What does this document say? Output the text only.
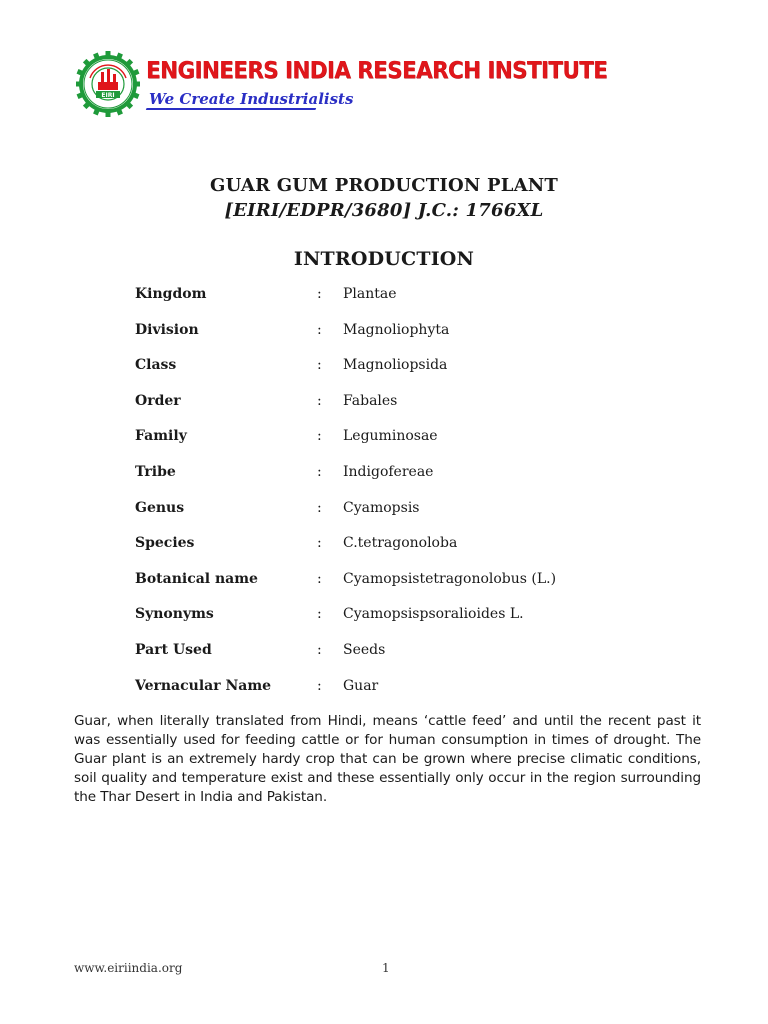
EIRI
ENGINEERS INDIA RESEARCH INSTITUTE
We Create Industrialists
GUAR GUM PRODUCTION PLANT
[EIRI/EDPR/3680] J.C.: 1766XL
INTRODUCTION
Kingdom	: Plantae
Division	: Magnoliophyta
Class	: Magnoliopsida
Order	: Fabales
Family	: Leguminosae
Tribe	: Indigofereae
Genus	: Cyamopsis
Species	: C.tetragonoloba
Botanical name	: Cyamopsistetragonolobus (L.)
Synonyms	: Cyamopsispsoralioides L.
Part Used	: Seeds
Vernacular Name	: Guar
Guar, when literally translated from Hindi, means ‘cattle feed’ and until the recent past it was essentially used for feeding cattle or for human consumption in times of drought. The Guar plant is an extremely hardy crop that can be grown where precise climatic conditions, soil quality and temperature exist and these essentially only occur in the region surrounding the Thar Desert in India and Pakistan.
www.eiriindia.org	1
